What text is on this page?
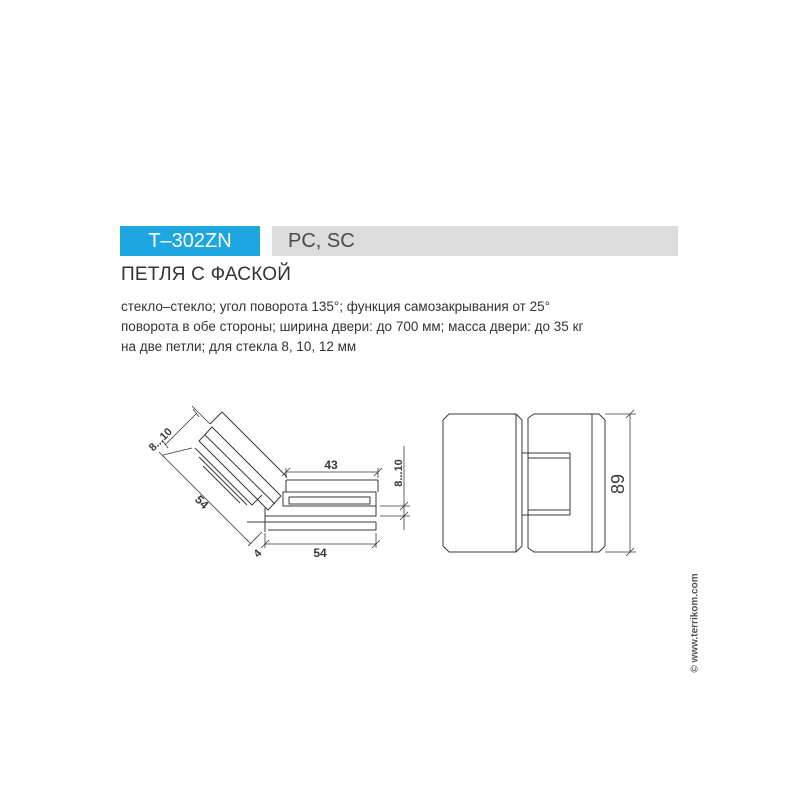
T–302ZN	PC, SC
ПЕТЛЯ С ФАСКОЙ
стекло–стекло; угол поворота 135°; функция самозакрывания от 25°
поворота в обе стороны; ширина двери: до 700 мм; масса двери: до 35 кг
на две петли; для стекла 8, 10, 12 мм
8...10
54
4
43	8...10
54
89
© www.terrikom.com
